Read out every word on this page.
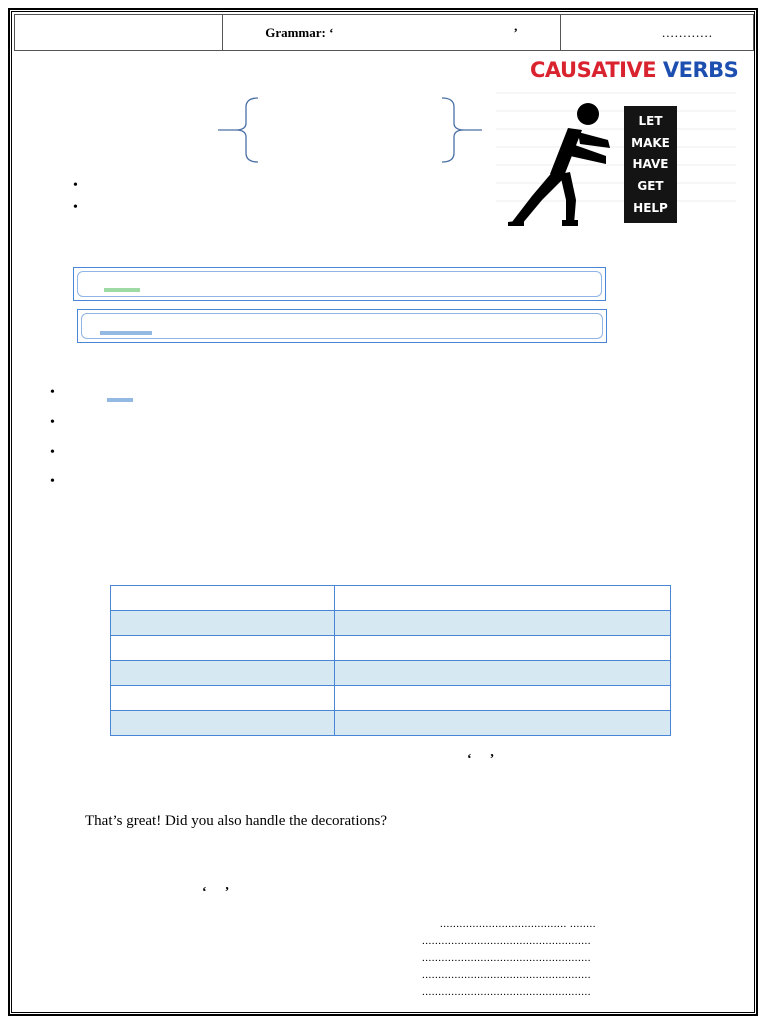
	Grammar: ‘	’	............
CAUSATIVE VERBS
LET
MAKE
HAVE
GET
HELP
•
•
•
•
•
•

‘’
That’s great! Did you also handle the decorations?
‘’
....................................... ........
....................................................
....................................................
....................................................
....................................................
